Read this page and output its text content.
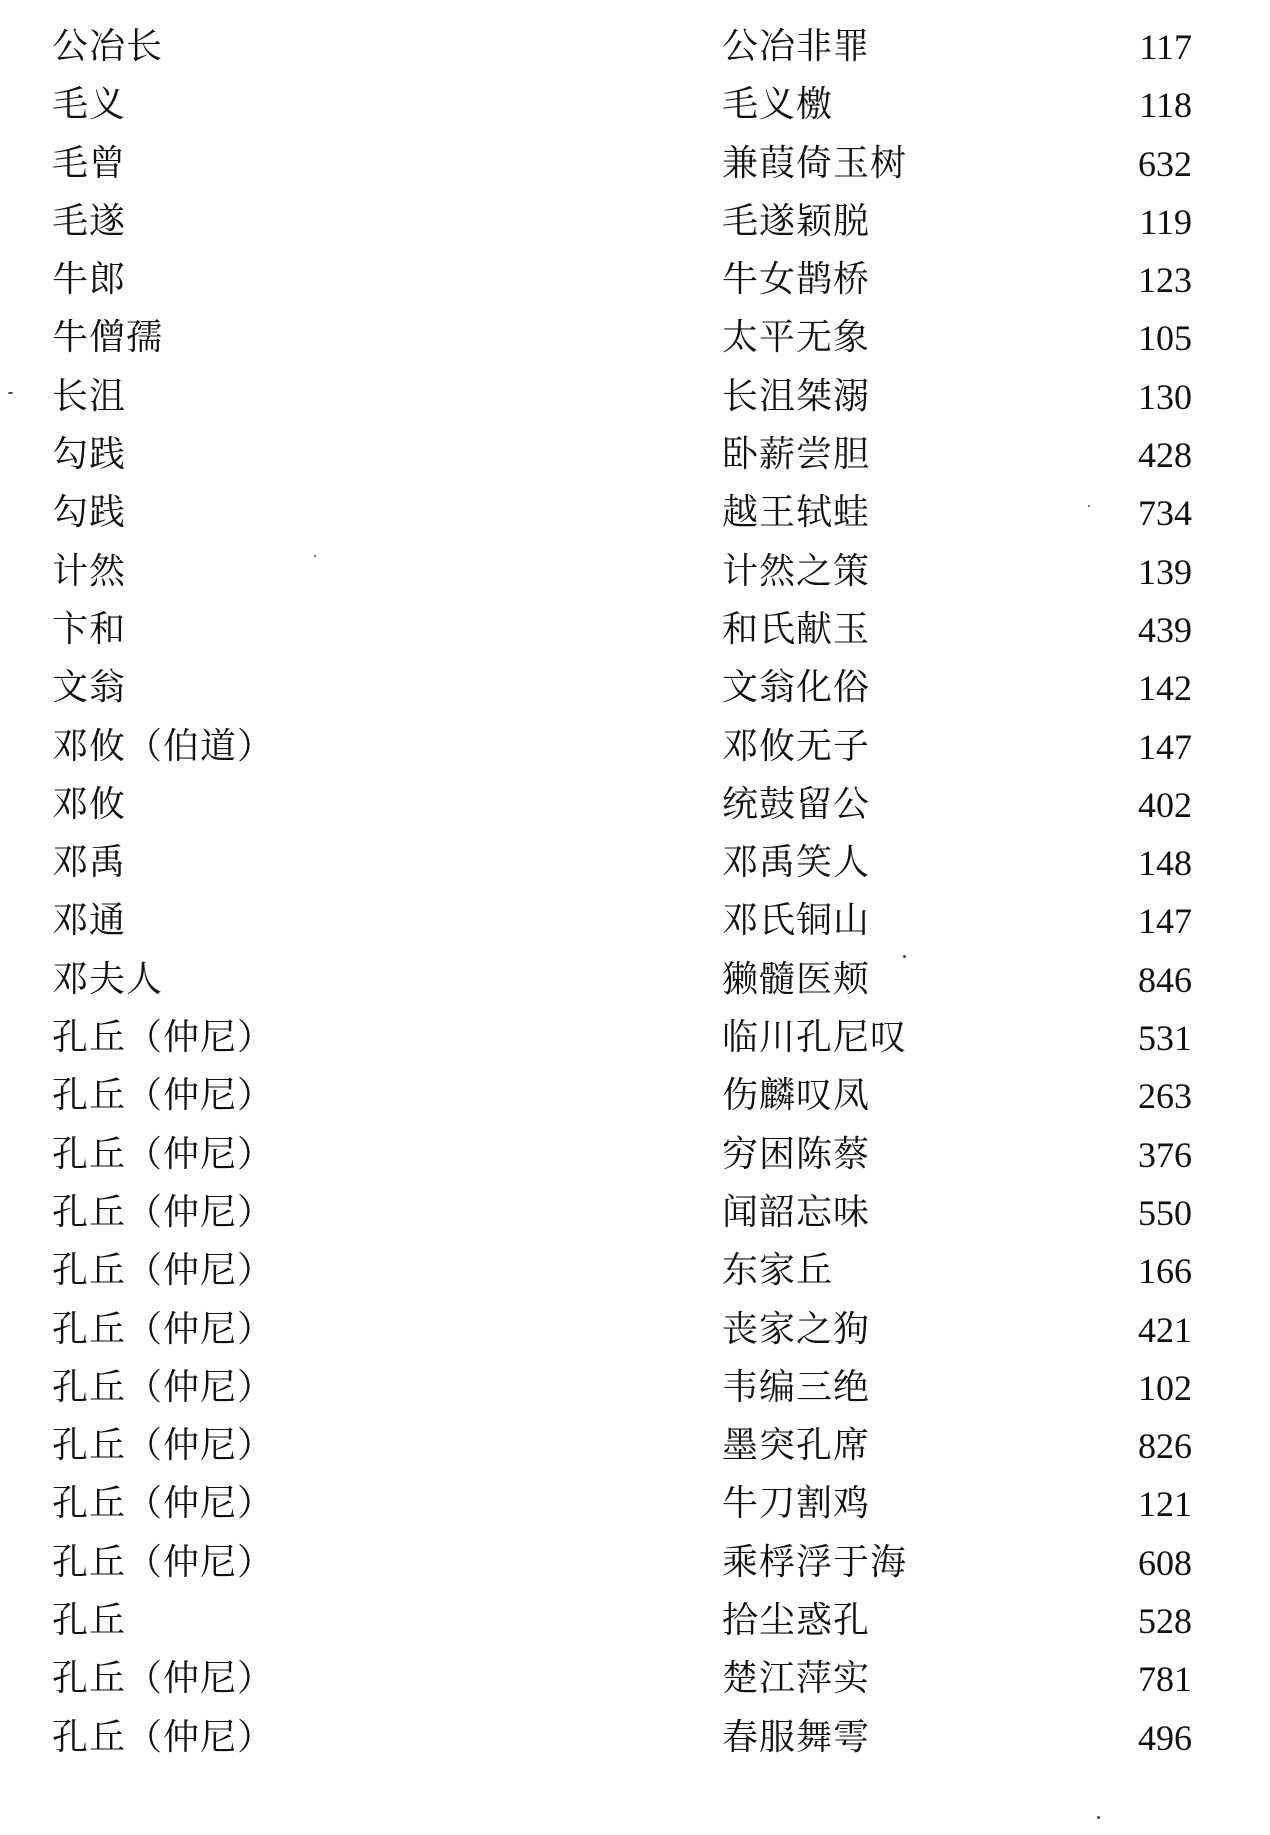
公冶长	公冶非罪	117
毛义	毛义檄	118
毛曾	兼葭倚玉树	632
毛遂	毛遂颖脱	119
牛郎	牛女鹊桥	123
牛僧孺	太平无象	105
长沮	长沮桀溺	130
勾践	卧薪尝胆	428
勾践	越王轼蛙	734
计然	计然之策	139
卞和	和氏献玉	439
文翁	文翁化俗	142
邓攸（伯道）	邓攸无子	147
邓攸	统鼓留公	402
邓禹	邓禹笑人	148
邓通	邓氏铜山	147
邓夫人	獭髓医颊	846
孔丘（仲尼）	临川孔尼叹	531
孔丘（仲尼）	伤麟叹凤	263
孔丘（仲尼）	穷困陈蔡	376
孔丘（仲尼）	闻韶忘味	550
孔丘（仲尼）	东家丘	166
孔丘（仲尼）	丧家之狗	421
孔丘（仲尼）	韦编三绝	102
孔丘（仲尼）	墨突孔席	826
孔丘（仲尼）	牛刀割鸡	121
孔丘（仲尼）	乘桴浮于海	608
孔丘	拾尘惑孔	528
孔丘（仲尼）	楚江萍实	781
孔丘（仲尼）	春服舞雩	496
